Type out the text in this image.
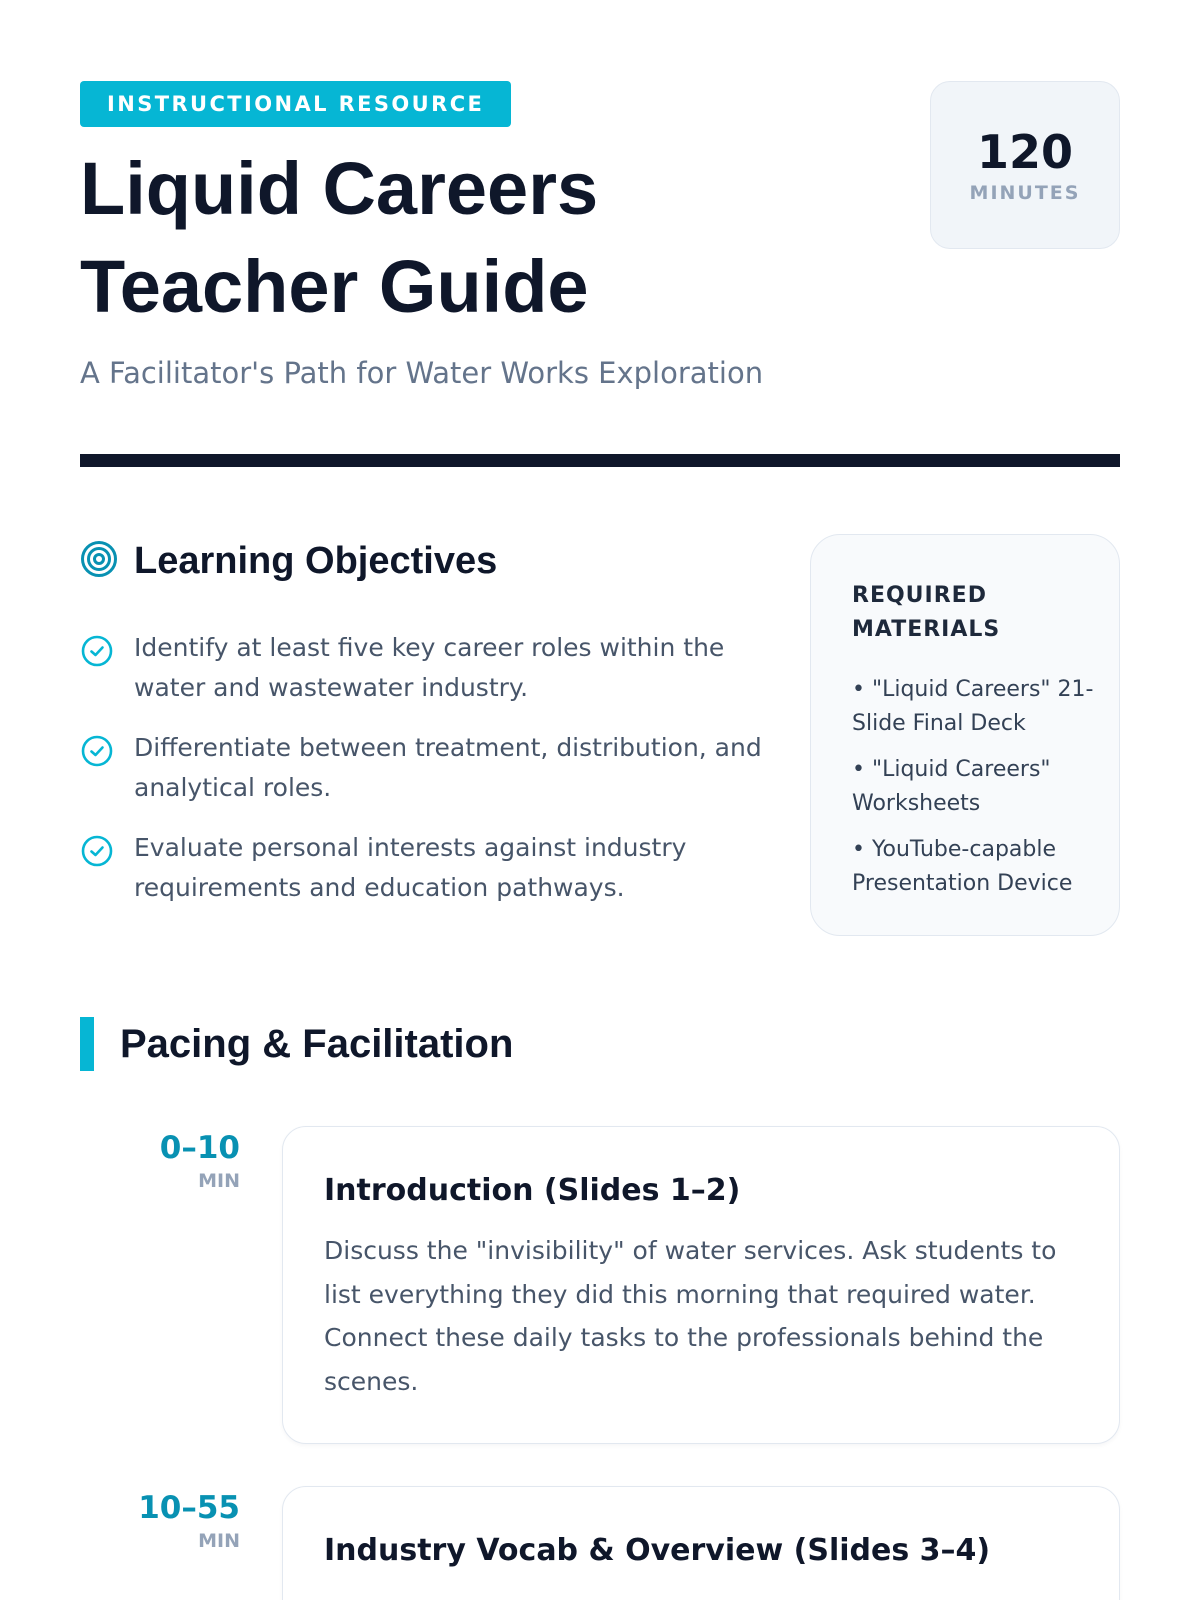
INSTRUCTIONAL RESOURCE
Liquid Careers
Teacher Guide
A Facilitator's Path for Water Works Exploration
120
MINUTES
Learning Objectives
Identify at least five key career roles within the water and wastewater industry.
Differentiate between treatment, distribution, and analytical roles.
Evaluate personal interests against industry requirements and education pathways.
REQUIRED MATERIALS
• "Liquid Careers" 21-Slide Final Deck
• "Liquid Careers" Worksheets
• YouTube-capable Presentation Device
Pacing & Facilitation
0–10
MIN	Introduction (Slides 1–2)

Discuss the "invisibility" of water services. Ask students to list everything they did this morning that required water. Connect these daily tasks to the professionals behind the scenes.

10–55
MIN	Industry Vocab & Overview (Slides 3–4)
